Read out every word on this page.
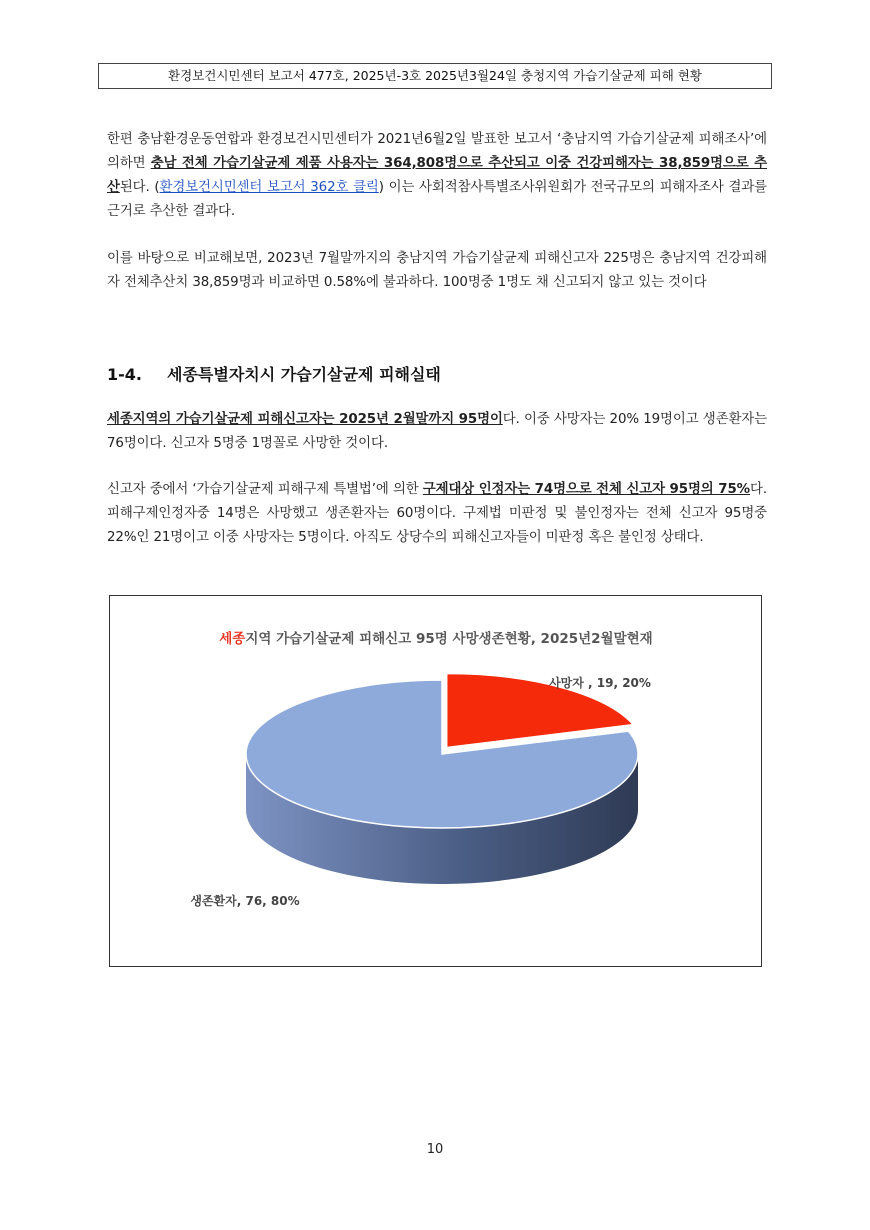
환경보건시민센터 보고서 477호, 2025년-3호 2025년3월24일 충청지역 가습기살균제 피해 현황
한편 충남환경운동연합과 환경보건시민센터가 2021년6월2일 발표한 보고서 ‘충남지역 가습기살균제 피해조사’에 의하면 충남 전체 가습기살균제 제품 사용자는 364,808명으로 추산되고 이중 건강피해자는 38,859명으로 추산된다. (환경보건시민센터 보고서 362호 클릭) 이는 사회적참사특별조사위원회가 전국규모의 피해자조사 결과를 근거로 추산한 결과다.
이를 바탕으로 비교해보면, 2023년 7월말까지의 충남지역 가습기살균제 피해신고자 225명은 충남지역 건강피해자 전체추산치 38,859명과 비교하면 0.58%에 불과하다. 100명중 1명도 채 신고되지 않고 있는 것이다
1-4. 세종특별자치시 가습기살균제 피해실태
세종지역의 가습기살균제 피해신고자는 2025년 2월말까지 95명이다. 이중 사망자는 20% 19명이고 생존환자는 76명이다. 신고자 5명중 1명꼴로 사망한 것이다.
신고자 중에서 ‘가습기살균제 피해구제 특별법’에 의한 구제대상 인정자는 74명으로 전체 신고자 95명의 75%다. 피해구제인정자중 14명은 사망했고 생존환자는 60명이다. 구제법 미판정 및 불인정자는 전체 신고자 95명중 22%인 21명이고 이중 사망자는 5명이다. 아직도 상당수의 피해신고자들이 미판정 혹은 불인정 상태다.
세종지역 가습기살균제 피해신고 95명 사망생존현황, 2025년2월말현재
사망자 , 19, 20%
생존환자, 76, 80%
10
